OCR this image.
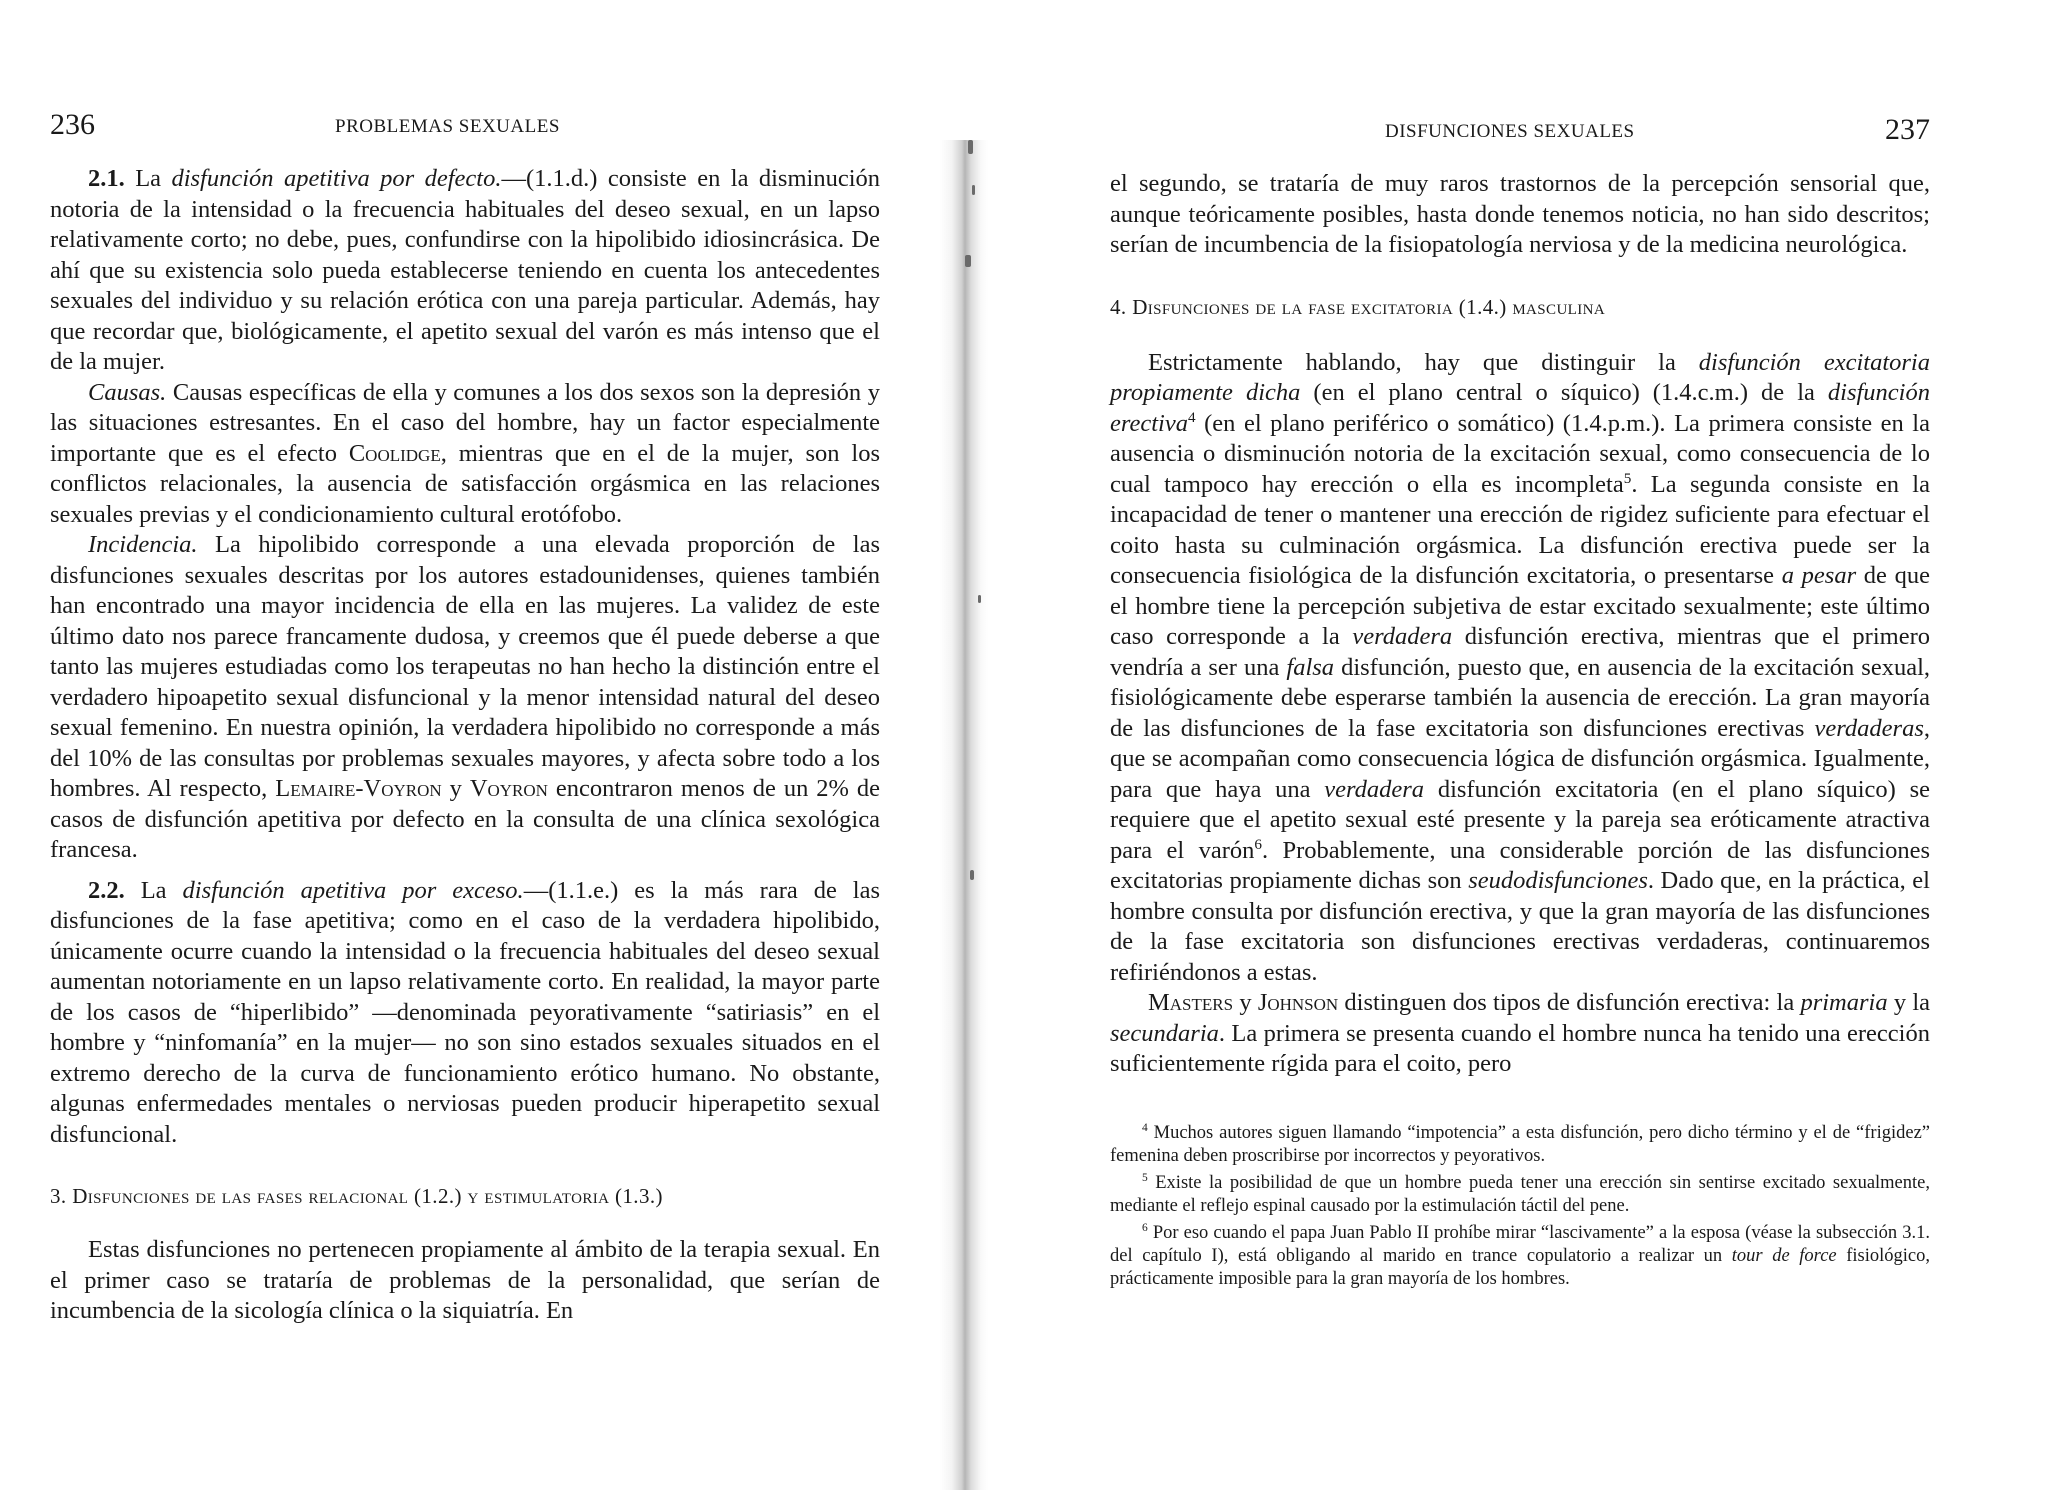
236	PROBLEMAS SEXUALES

2.1. La disfunción apetitiva por defecto.—(1.1.d.) consiste en la disminución notoria de la intensidad o la frecuencia habituales del deseo sexual, en un lapso relativamente corto; no debe, pues, confundirse con la hipolibido idiosincrásica. De ahí que su existencia solo pueda establecerse teniendo en cuenta los antecedentes sexuales del individuo y su relación erótica con una pareja particular. Además, hay que recordar que, biológicamente, el apetito sexual del varón es más intenso que el de la mujer.

Causas. Causas específicas de ella y comunes a los dos sexos son la depresión y las situaciones estresantes. En el caso del hombre, hay un factor especialmente importante que es el efecto Coolidge, mientras que en el de la mujer, son los conflictos relacionales, la ausencia de satisfacción orgásmica en las relaciones sexuales previas y el condicionamiento cultural erotófobo.

Incidencia. La hipolibido corresponde a una elevada proporción de las disfunciones sexuales descritas por los autores estadounidenses, quienes también han encontrado una mayor incidencia de ella en las mujeres. La validez de este último dato nos parece francamente dudosa, y creemos que él puede deberse a que tanto las mujeres estudiadas como los terapeutas no han hecho la distinción entre el verdadero hipoapetito sexual disfuncional y la menor intensidad natural del deseo sexual femenino. En nuestra opinión, la verdadera hipolibido no corresponde a más del 10% de las consultas por problemas sexuales mayores, y afecta sobre todo a los hombres. Al respecto, Lemaire-Voyron y Voyron encontraron menos de un 2% de casos de disfunción apetitiva por defecto en la consulta de una clínica sexológica francesa.

2.2. La disfunción apetitiva por exceso.—(1.1.e.) es la más rara de las disfunciones de la fase apetitiva; como en el caso de la verdadera hipolibido, únicamente ocurre cuando la intensidad o la frecuencia habituales del deseo sexual aumentan notoriamente en un lapso relativamente corto. En realidad, la mayor parte de los casos de “hiperlibido” —denominada peyorativamente “satiriasis” en el hombre y “ninfomanía” en la mujer— no son sino estados sexuales situados en el extremo derecho de la curva de funcionamiento erótico humano. No obstante, algunas enfermedades mentales o nerviosas pueden producir hiperapetito sexual disfuncional.

3. Disfunciones de las fases relacional (1.2.) y estimulatoria (1.3.)

Estas disfunciones no pertenecen propiamente al ámbito de la terapia sexual. En el primer caso se trataría de problemas de la personalidad, que serían de incumbencia de la sicología clínica o la siquiatría. En

DISFUNCIONES SEXUALES	237

el segundo, se trataría de muy raros trastornos de la percepción sensorial que, aunque teóricamente posibles, hasta donde tenemos noticia, no han sido descritos; serían de incumbencia de la fisiopatología nerviosa y de la medicina neurológica.

4. Disfunciones de la fase excitatoria (1.4.) masculina

Estrictamente hablando, hay que distinguir la disfunción excitatoria propiamente dicha (en el plano central o síquico) (1.4.c.m.) de la disfunción erectiva$^4$ (en el plano periférico o somático) (1.4.p.m.). La primera consiste en la ausencia o disminución notoria de la excitación sexual, como consecuencia de lo cual tampoco hay erección o ella es incompleta$^5$. La segunda consiste en la incapacidad de tener o mantener una erección de rigidez suficiente para efectuar el coito hasta su culminación orgásmica. La disfunción erectiva puede ser la consecuencia fisiológica de la disfunción excitatoria, o presentarse a pesar de que el hombre tiene la percepción subjetiva de estar excitado sexualmente; este último caso corresponde a la verdadera disfunción erectiva, mientras que el primero vendría a ser una falsa disfunción, puesto que, en ausencia de la excitación sexual, fisiológicamente debe esperarse también la ausencia de erección. La gran mayoría de las disfunciones de la fase excitatoria son disfunciones erectivas verdaderas, que se acompañan como consecuencia lógica de disfunción orgásmica. Igualmente, para que haya una verdadera disfunción excitatoria (en el plano síquico) se requiere que el apetito sexual esté presente y la pareja sea eróticamente atractiva para el varón$^6$. Probablemente, una considerable porción de las disfunciones excitatorias propiamente dichas son seudodisfunciones. Dado que, en la práctica, el hombre consulta por disfunción erectiva, y que la gran mayoría de las disfunciones de la fase excitatoria son disfunciones erectivas verdaderas, continuaremos refiriéndonos a estas.

Masters y Johnson distinguen dos tipos de disfunción erectiva: la primaria y la secundaria. La primera se presenta cuando el hombre nunca ha tenido una erección suficientemente rígida para el coito, pero

$^4$ Muchos autores siguen llamando “impotencia” a esta disfunción, pero dicho término y el de “frigidez” femenina deben proscribirse por incorrectos y peyorativos.

$^5$ Existe la posibilidad de que un hombre pueda tener una erección sin sentirse excitado sexualmente, mediante el reflejo espinal causado por la estimulación táctil del pene.

$^6$ Por eso cuando el papa Juan Pablo II prohíbe mirar “lascivamente” a la esposa (véase la subsección 3.1. del capítulo I), está obligando al marido en trance copulatorio a realizar un tour de force fisiológico, prácticamente imposible para la gran mayoría de los hombres.
